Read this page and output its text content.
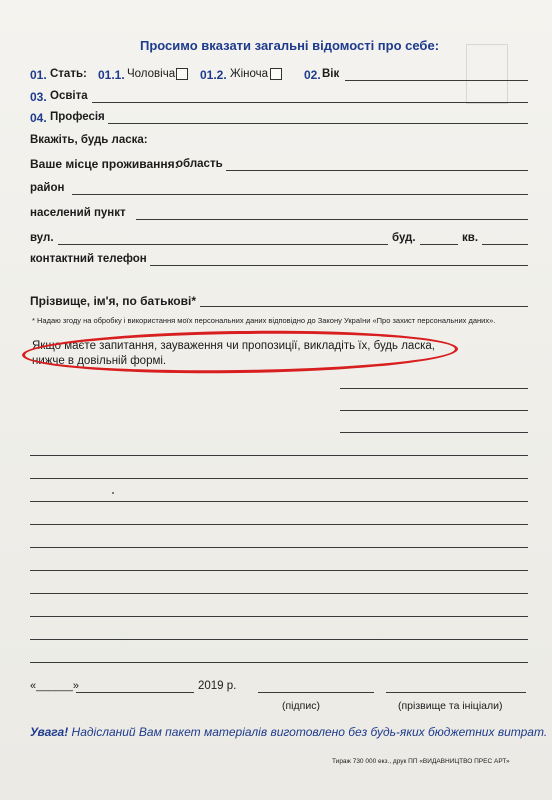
Просимо вказати загальні відомості про себе:
01. Стать: 01.1. Чоловіча 01.2. Жіноча	02. Вік
03. Освіта
04. Професія
Вкажіть, будь ласка:
Ваше місце проживання:
область
район
населений пункт
вул.	буд.	кв.
контактний телефон
Прізвище, ім'я, по батькові*
* Надаю згоду на обробку і використання моїх персональних даних відповідно до Закону України «Про захист персональних даних».
Якщо маєте запитання, зауваження чи пропозиції, викладіть їх, будь ласка,
нижче в довільній формі.
«______»	2019 р.
(підпис)	(прізвище та ініціали)
Увага! Надісланий Вам пакет матеріалів виготовлено без будь-яких бюджетних витрат.
Тираж 730 000 екз., друк ПП «ВИДАВНИЦТВО ПРЕС АРТ»
